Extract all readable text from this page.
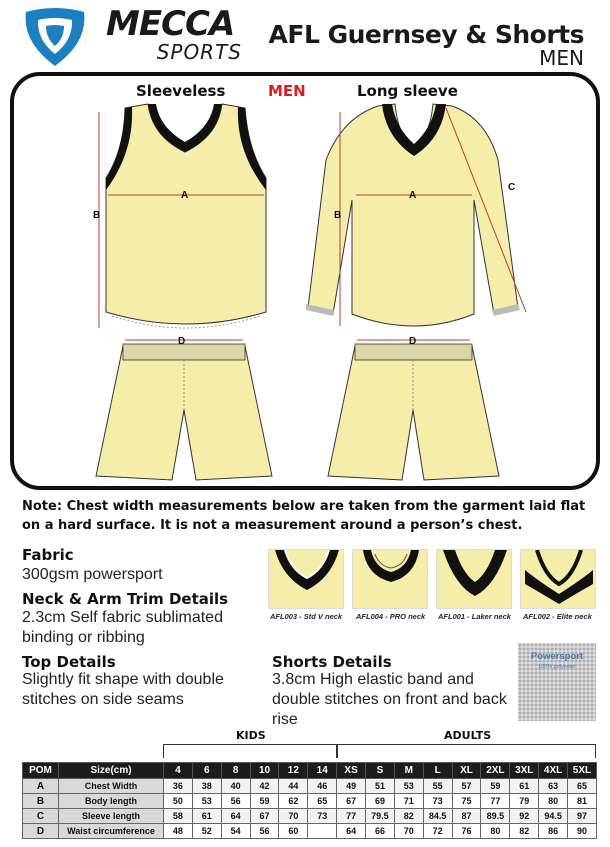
MECCA
SPORTS
AFL Guernsey & Shorts
MEN
Sleeveless	MEN	Long sleeve
A
B
A
B
C
D	D
Note: Chest width measurements below are taken from the garment laid flat on a hard surface. It is not a measurement around a person’s chest.
Fabric
300gsm powersport
Neck & Arm Trim Details
2.3cm Self fabric sublimated binding or ribbing
AFL003 - Std V neck AFL004 - PRO neck AFL001 - Laker neck AFL002 - Elite neck
Top Details
Slightly fit shape with double stitches on side seams
Shorts Details
3.8cm High elastic band and double stitches on front and back rise
Powersport
100% polyester
KIDS	ADULTS
POM	Size(cm)	4	6	8	10	12	14	XS	S	M	L	XL	2XL	3XL	4XL	5XL
A	Chest Width	36	38	40	42	44	46	49	51	53	55	57	59	61	63	65
B	Body length	50	53	56	59	62	65	67	69	71	73	75	77	79	80	81
C	Sleeve length	58	61	64	67	70	73	77	79.5	82	84.5	87	89.5	92	94.5	97
D	Waist circumference	48	52	54	56	60		64	66	70	72	76	80	82	86	90
